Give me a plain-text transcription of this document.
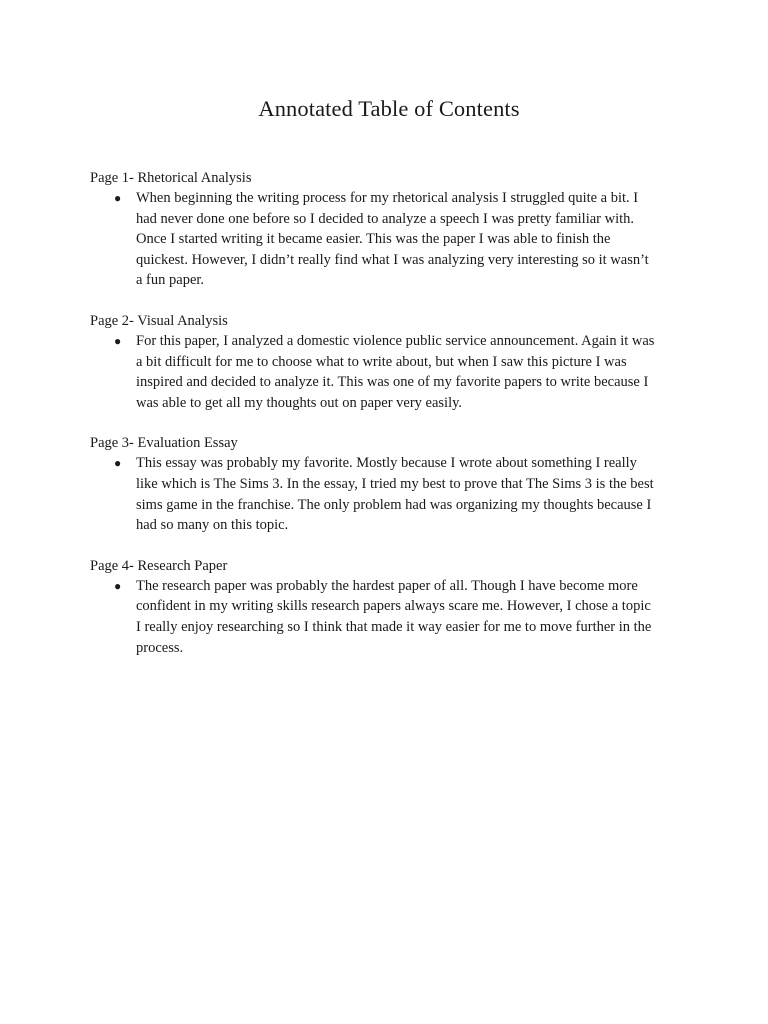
Annotated Table of Contents

Page 1- Rhetorical Analysis

● When beginning the writing process for my rhetorical analysis I struggled quite a bit. I
had never done one before so I decided to analyze a speech I was pretty familiar with.
Once I started writing it became easier. This was the paper I was able to finish the
quickest. However, I didn’t really find what I was analyzing very interesting so it wasn’t
a fun paper.

Page 2- Visual Analysis

● For this paper, I analyzed a domestic violence public service announcement. Again it was
a bit difficult for me to choose what to write about, but when I saw this picture I was
inspired and decided to analyze it. This was one of my favorite papers to write because I
was able to get all my thoughts out on paper very easily.

Page 3- Evaluation Essay

● This essay was probably my favorite. Mostly because I wrote about something I really
like which is The Sims 3. In the essay, I tried my best to prove that The Sims 3 is the best
sims game in the franchise. The only problem had was organizing my thoughts because I
had so many on this topic.

Page 4- Research Paper

● The research paper was probably the hardest paper of all. Though I have become more
confident in my writing skills research papers always scare me. However, I chose a topic
I really enjoy researching so I think that made it way easier for me to move further in the
process.
